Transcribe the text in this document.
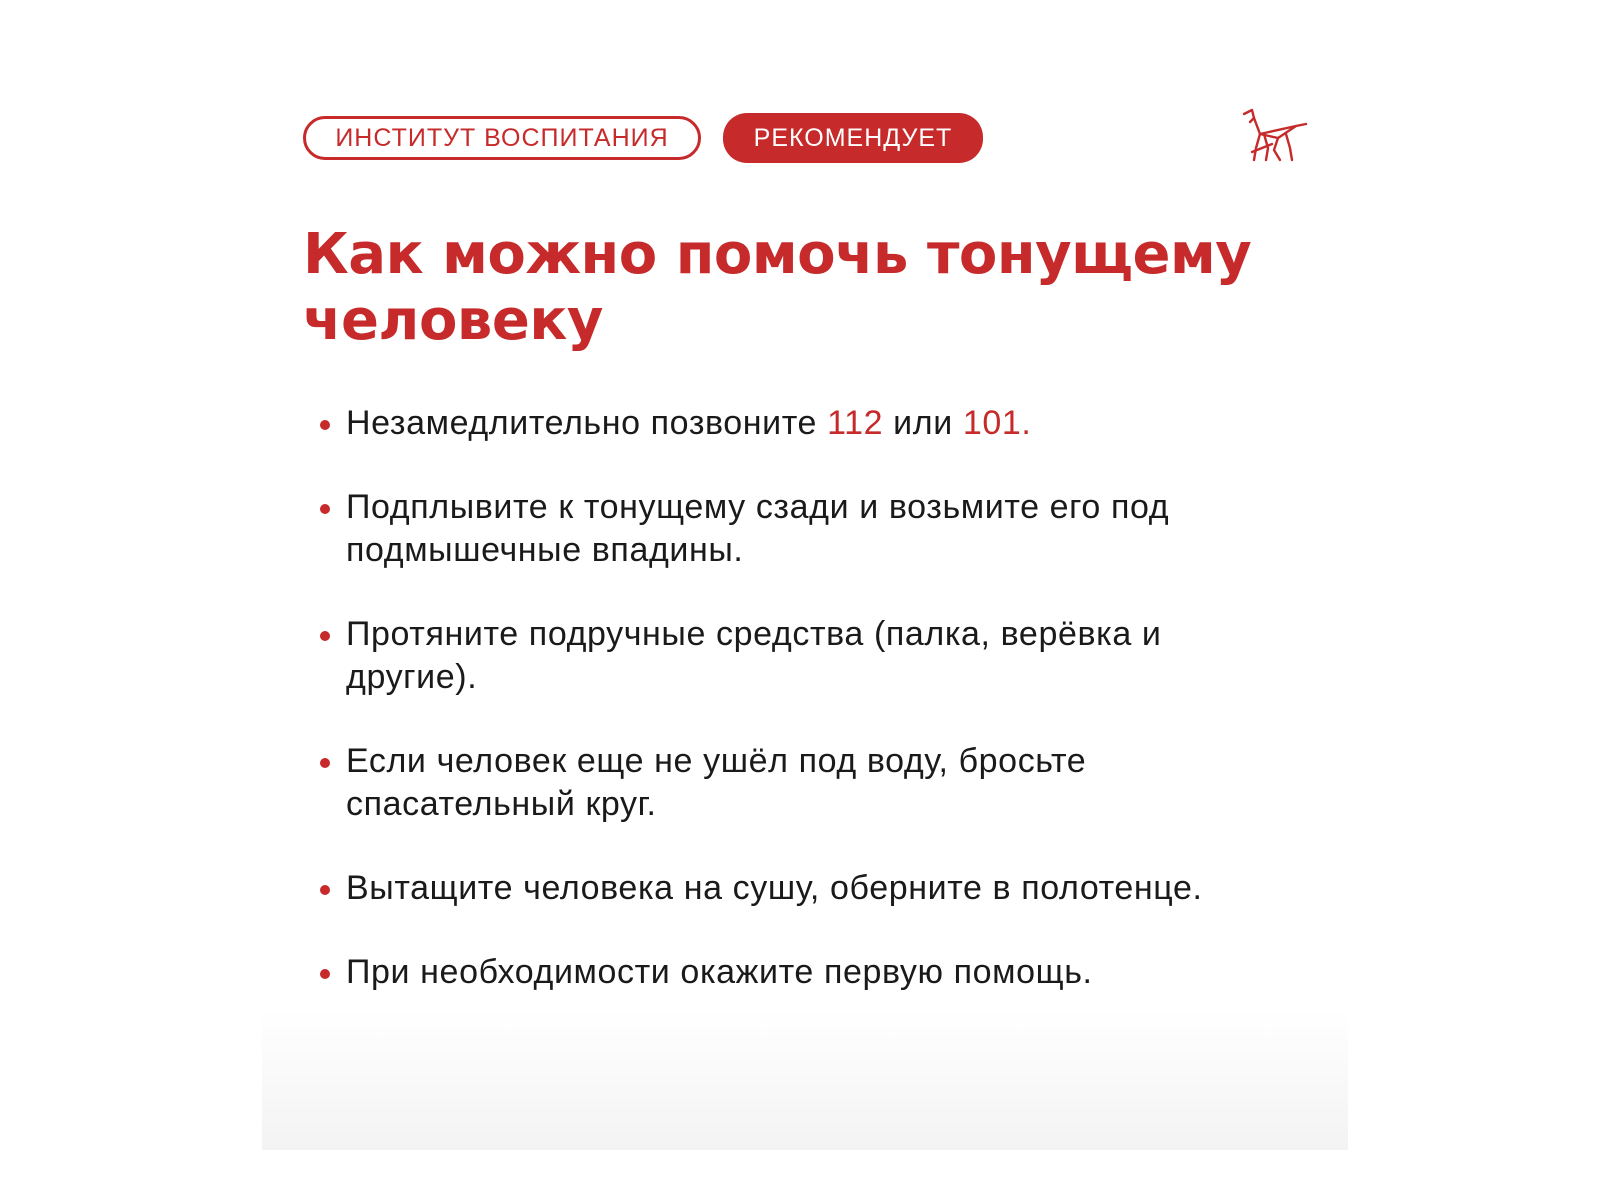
ИНСТИТУТ ВОСПИТАНИЯ	РЕКОМЕНДУЕТ
Как можно помочь тонущему человеку
Незамедлительно позвоните 112 или 101.
Подплывите к тонущему сзади и возьмите его под подмышечные впадины.
Протяните подручные средства (палка, верёвка и другие).
Если человек еще не ушёл под воду, бросьте спасательный круг.
Вытащите человека на сушу, оберните в полотенце.
При необходимости окажите первую помощь.
